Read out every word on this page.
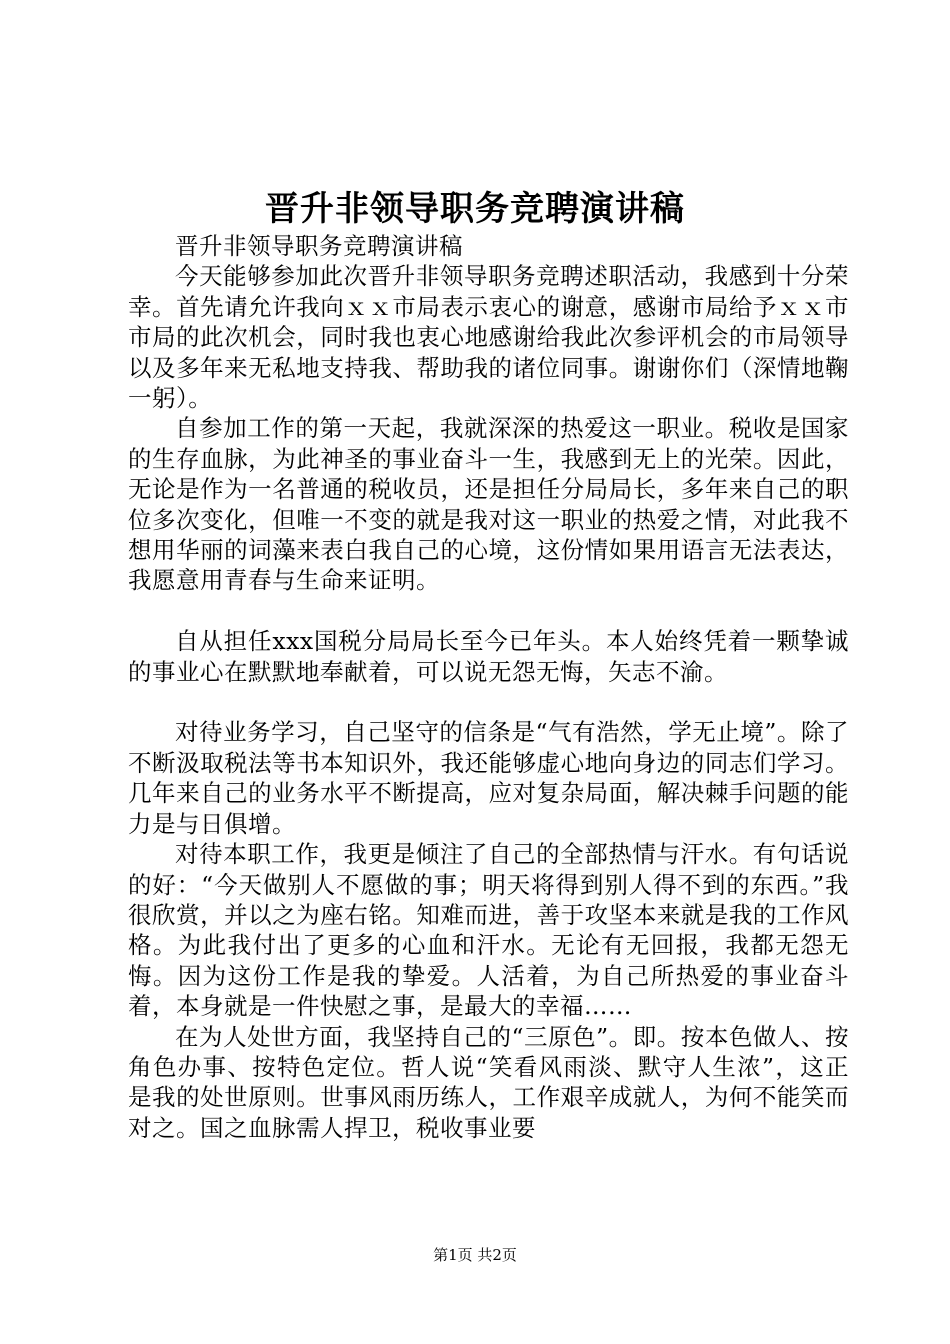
晋升非领导职务竞聘演讲稿

晋升非领导职务竞聘演讲稿

今天能够参加此次晋升非领导职务竞聘述职活动，我感到十分荣幸。首先请允许我向ｘｘ市局表示衷心的谢意，感谢市局给予ｘｘ市市局的此次机会，同时我也衷心地感谢给我此次参评机会的市局领导以及多年来无私地支持我、帮助我的诸位同事。谢谢你们（深情地鞠一躬）。

自参加工作的第一天起，我就深深的热爱这一职业。税收是国家的生存血脉，为此神圣的事业奋斗一生，我感到无上的光荣。因此，无论是作为一名普通的税收员，还是担任分局局长，多年来自己的职位多次变化，但唯一不变的就是我对这一职业的热爱之情，对此我不想用华丽的词藻来表白我自己的心境，这份情如果用语言无法表达，我愿意用青春与生命来证明。

自从担任xxx国税分局局长至今已年头。本人始终凭着一颗挚诚的事业心在默默地奉献着，可以说无怨无悔，矢志不渝。

对待业务学习，自己坚守的信条是“气有浩然，学无止境”。除了不断汲取税法等书本知识外，我还能够虚心地向身边的同志们学习。几年来自己的业务水平不断提高，应对复杂局面，解决棘手问题的能力是与日俱增。

对待本职工作，我更是倾注了自己的全部热情与汗水。有句话说的好：“今天做别人不愿做的事；明天将得到别人得不到的东西。”我很欣赏，并以之为座右铭。知难而进，善于攻坚本来就是我的工作风格。为此我付出了更多的心血和汗水。无论有无回报，我都无怨无悔。因为这份工作是我的挚爱。人活着，为自己所热爱的事业奋斗着，本身就是一件快慰之事，是最大的幸福……

在为人处世方面，我坚持自己的“三原色”。即。按本色做人、按角色办事、按特色定位。哲人说“笑看风雨淡、默守人生浓”，这正是我的处世原则。世事风雨历练人，工作艰辛成就人，为何不能笑而对之。国之血脉需人捍卫，税收事业要

第1页 共2页
